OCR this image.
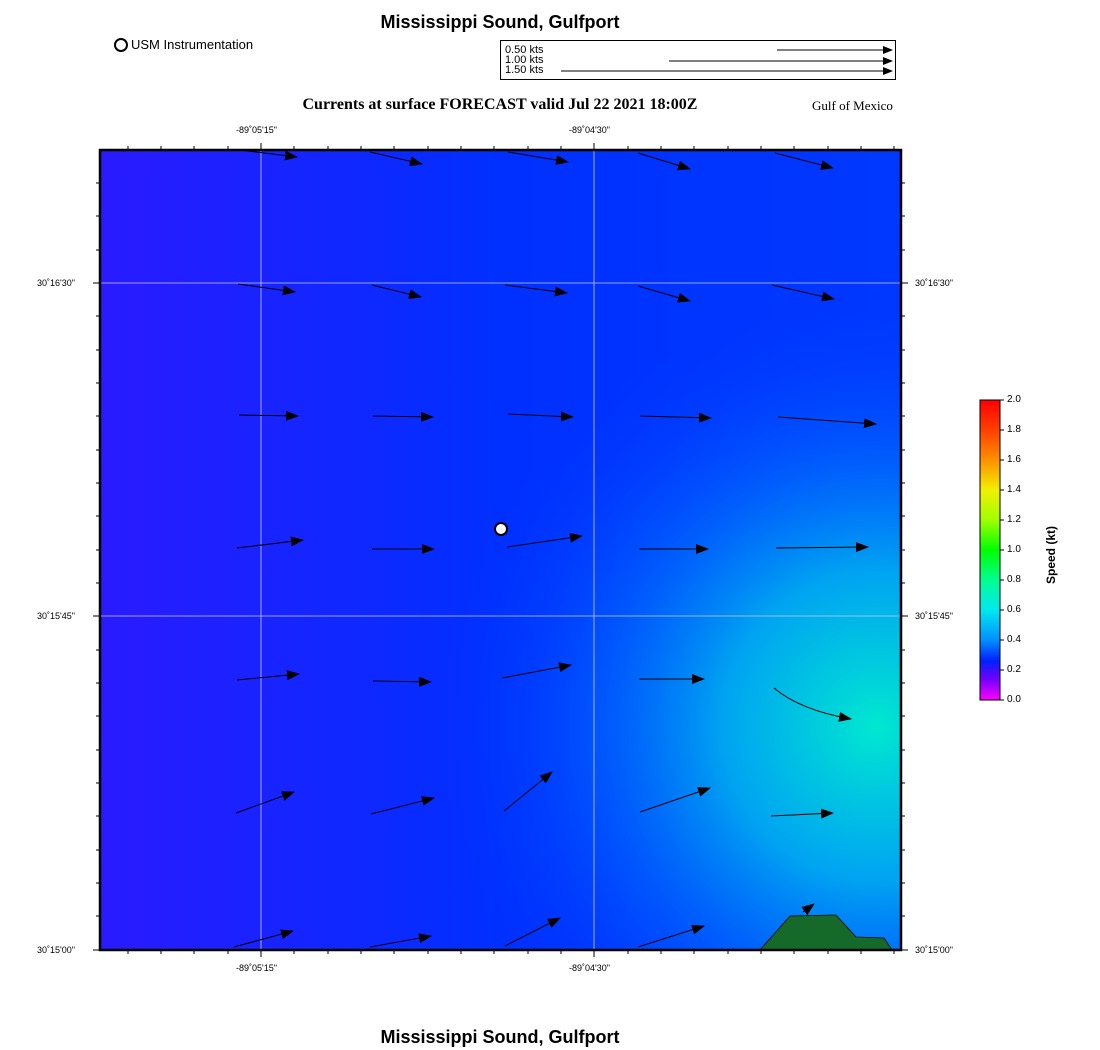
Mississippi Sound, Gulfport
Mississippi Sound, Gulfport
USM Instrumentation	0.50 kts
1.00 kts
1.50 kts
Currents at surface FORECAST valid Jul 22 2021 18:00Z	Gulf of Mexico
-89˚05'15"	-89˚04'30"
-89˚05'15"	-89˚04'30"
30˚16'30"
30˚15'45"
30˚15'00"
30˚16'30"
30˚15'45"
30˚15'00"
2.0
1.8
1.6
1.4
1.2
1.0
0.8
0.6
0.4
0.2
0.0
Speed (kt)
